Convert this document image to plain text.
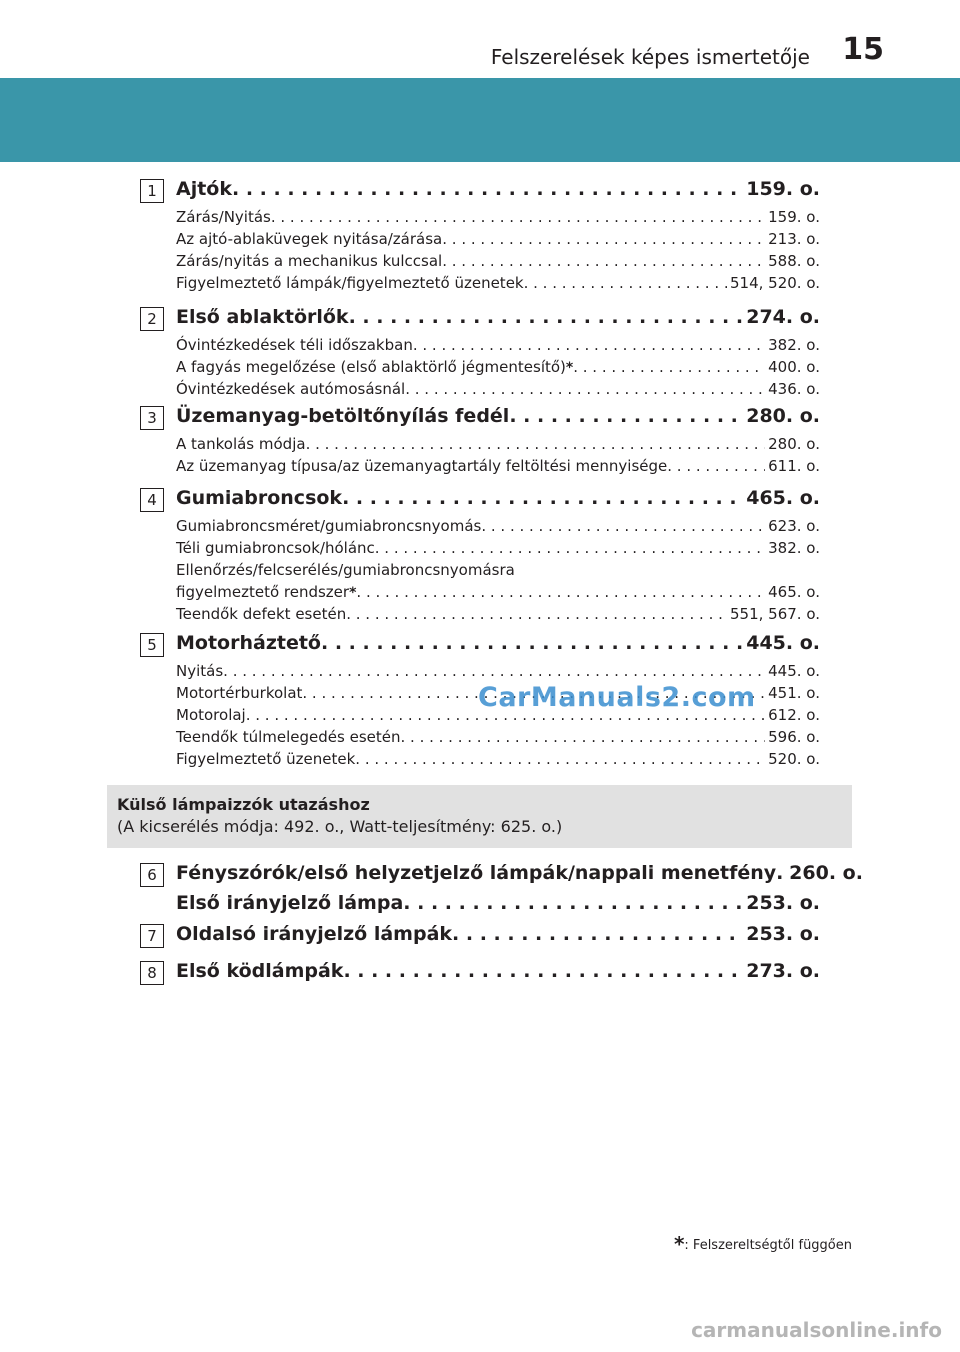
Felszerelések képes ismertetője 15
1	Ajtók . . .	159. o.
Zárás/Nyitás . . .	159. o.
Az ajtó-ablaküvegek nyitása/zárása . . .	213. o.
Zárás/nyitás a mechanikus kulccsal . . .	588. o.
Figyelmeztető lámpák/figyelmeztető üzenetek . . .	514, 520. o.
2	Első ablaktörlők . . .	274. o.
Óvintézkedések téli időszakban . . .	382. o.
A fagyás megelőzése (első ablaktörlő jégmentesítő) * . . .	400. o.
Óvintézkedések autómosásnál . . .	436. o.
3	Üzemanyag-betöltőnyílás fedél . . .	280. o.
A tankolás módja . . .	280. o.
Az üzemanyag típusa/az üzemanyagtartály feltöltési mennyisége . . .	611. o.
4	Gumiabroncsok . . .	465. o.
Gumiabroncsméret/gumiabroncsnyomás . . .	623. o.
Téli gumiabroncsok/hólánc . . .	382. o.
Ellenőrzés/felcserélés/gumiabroncsnyomásra
figyelmeztető rendszer * . . .	465. o.
Teendők defekt esetén . . .	551, 567. o.
5	Motorháztető . . .	445. o.
Nyitás . . .	445. o.
Motortérburkolat . . .	451. o.
Motorolaj . . .	612. o.
Teendők túlmelegedés esetén . . .	596. o.
Figyelmeztető üzenetek . . .	520. o.
Külső lámpaizzók utazáshoz
(A kicserélés módja: 492. o., Watt-teljesítmény: 625. o.)
6	Fényszórók/első helyzetjelző lámpák/nappali menetfény . . . 260. o.
Első irányjelző lámpa . . .	253. o.
7	Oldalsó irányjelző lámpák . . .	253. o.
8	Első ködlámpák . . .	273. o.
*: Felszereltségtől függően
CarManuals2.com
carmanualsonline.info
